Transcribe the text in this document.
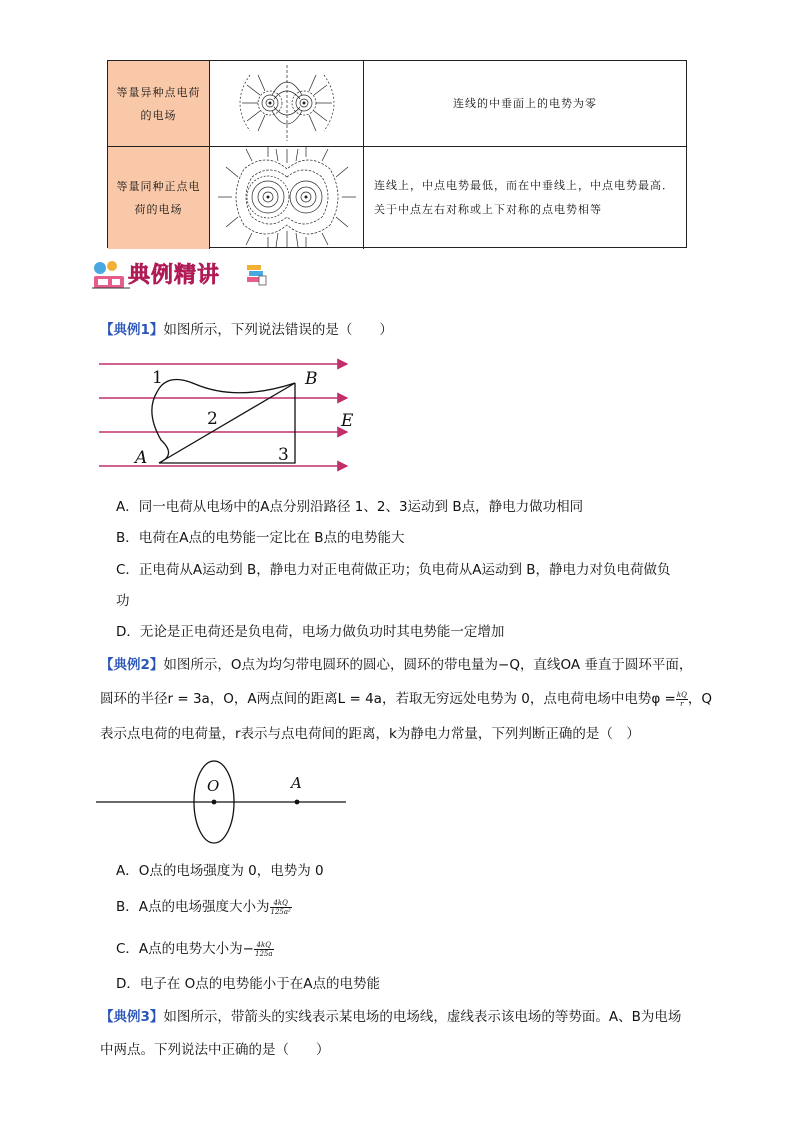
等量异种点电荷的电场
连线的中垂面上的电势为零
等量同种正点电荷的电场
连线上，中点电势最低，而在中垂线上，中点电势最高．关于中点左右对称或上下对称的点电势相等
典例精讲
【典例1】如图所示，下列说法错误的是（　　）
1
2
3
A
B
E
A．同一电荷从电场中的A点分别沿路径 1、2、3运动到 B点，静电力做功相同
B．电荷在A点的电势能一定比在 B点的电势能大
C．正电荷从A运动到 B，静电力对正电荷做正功；负电荷从A运动到 B，静电力对负电荷做负
功
D．无论是正电荷还是负电荷，电场力做负功时其电势能一定增加
【典例2】如图所示，O点为均匀带电圆环的圆心，圆环的带电量为−Q，直线OA 垂直于圆环平面，
圆环的半径r = 3a，O，A两点间的距离L = 4a，若取无穷远处电势为 0，点电荷电场中电势$\varphi = \frac{kQ}{r}$ ，Q
表示点电荷的电荷量，r表示与点电荷间的距离，k为静电力常量，下列判断正确的是（　）
O	A
A．O点的电场强度为 0，电势为 0
B．A点的电场强度大小为 $\frac{4kQ}{\text{125a²}}$
C．A点的电势大小为− $\frac{4kQ}{125a}$
D．电子在 O点的电势能小于在A点的电势能
【典例3】如图所示，带箭头的实线表示某电场的电场线，虚线表示该电场的等势面。A、B为电场
中两点。下列说法中正确的是（　　）
